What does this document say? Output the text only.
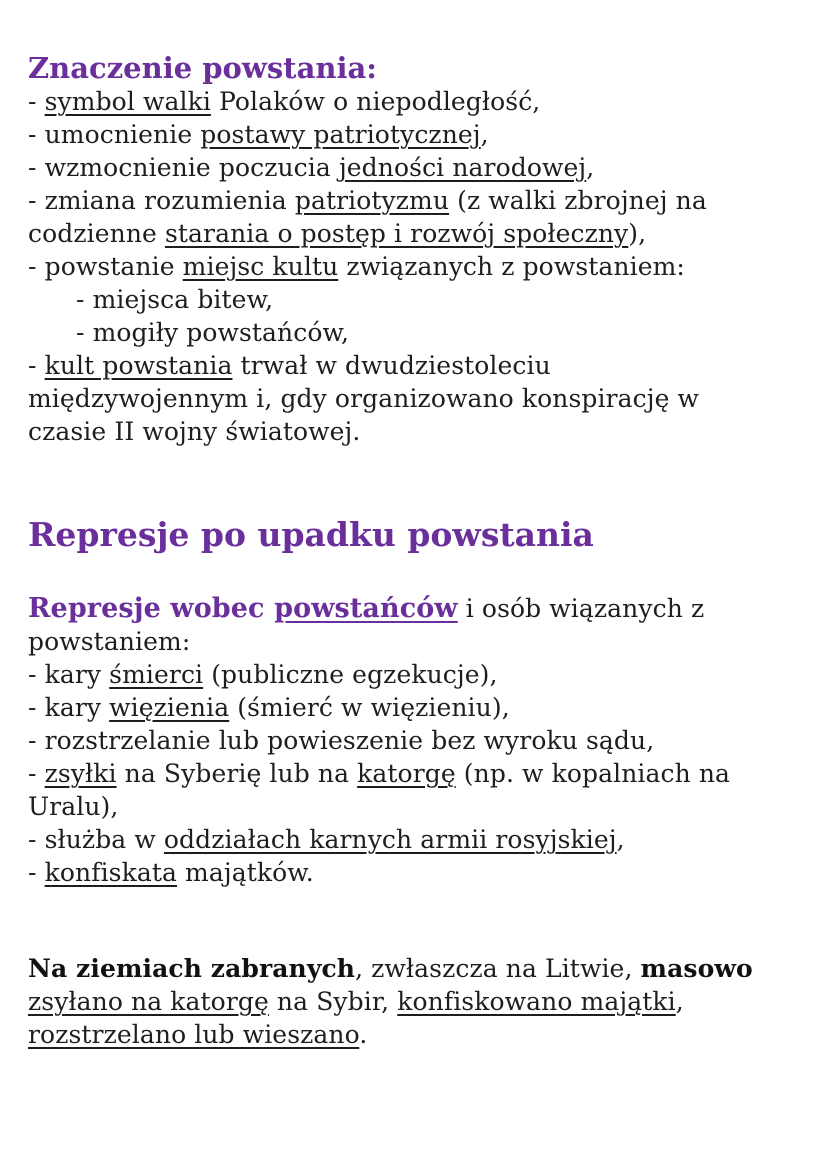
Znaczenie powstania:
- symbol walki Polaków o niepodległość,
- umocnienie postawy patriotycznej,
- wzmocnienie poczucia jedności narodowej,
- zmiana rozumienia patriotyzmu (z walki zbrojnej na
codzienne starania o postęp i rozwój społeczny),
- powstanie miejsc kultu związanych z powstaniem:
- miejsca bitew,
- mogiły powstańców,
- kult powstania trwał w dwudziestoleciu
międzywojennym i, gdy organizowano konspirację w
czasie II wojny światowej.
Represje po upadku powstania
Represje wobec powstańców i osób wiązanych z
powstaniem:
- kary śmierci (publiczne egzekucje),
- kary więzienia (śmierć w więzieniu),
- rozstrzelanie lub powieszenie bez wyroku sądu,
- zsyłki na Syberię lub na katorgę (np. w kopalniach na
Uralu),
- służba w oddziałach karnych armii rosyjskiej,
- konfiskata majątków.
Na ziemiach zabranych, zwłaszcza na Litwie, masowo
zsyłano na katorgę na Sybir, konfiskowano majątki,
rozstrzelano lub wieszano.
